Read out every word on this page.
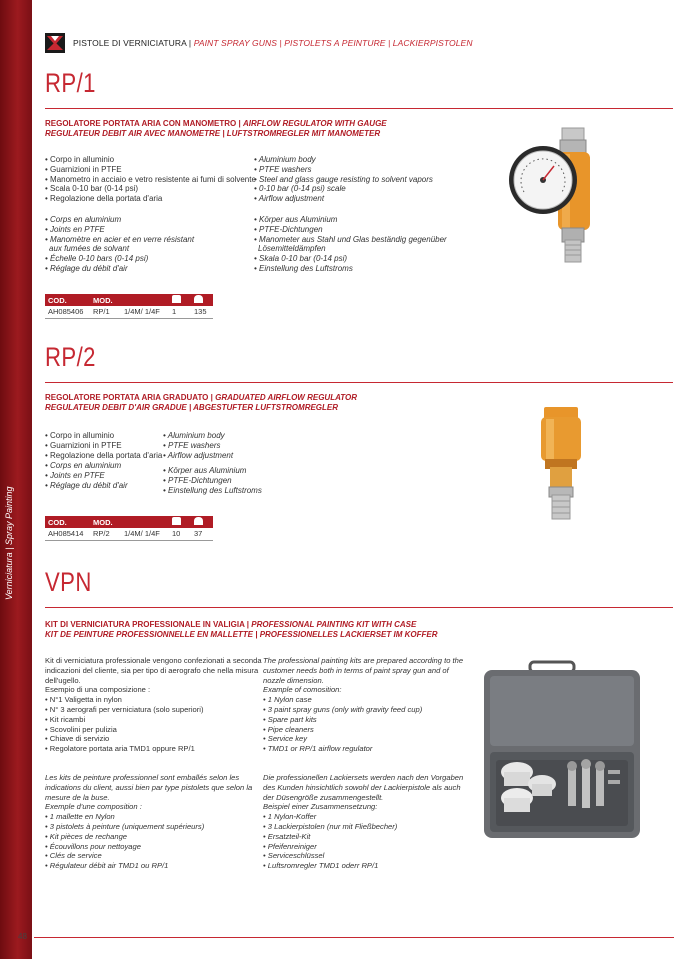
Verniciatura | Spray Painting
PISTOLE DI VERNICIATURA | PAINT SPRAY GUNS | PISTOLETS A PEINTURE | LACKIERPISTOLEN
RP/1
REGOLATORE PORTATA ARIA CON MANOMETRO | AIRFLOW REGULATOR WITH GAUGE
REGULATEUR DEBIT AIR AVEC MANOMETRE | LUFTSTROMREGLER MIT MANOMETER
• Corpo in alluminio
• Guarnizioni in PTFE
• Manometro in acciaio e vetro resistente ai fumi di solvente
• Scala 0-10 bar (0-14 psi)
• Regolazione della portata d'aria
• Aluminium body
• PTFE washers
• Steel and glass gauge resisting to solvent vapors
• 0-10 bar (0-14 psi) scale
• Airflow adjustment
• Corps en aluminium
• Joints en PTFE
• Manomètre en acier et en verre résistant
aux fumées de solvant
• Échelle 0-10 bars (0-14 psi)
• Réglage du débit d'air
• Körper aus Aluminium
• PTFE-Dichtungen
• Manometer aus Stahl und Glas beständig gegenüber
Lösemitteldämpfen
• Skala 0-10 bar (0-14 psi)
• Einstellung des Luftstroms
COD.	MOD.			
AH085406	RP/1	1/4M/ 1/4F	1	135
RP/2
REGOLATORE PORTATA ARIA GRADUATO | GRADUATED AIRFLOW REGULATOR
REGULATEUR DEBIT D'AIR GRADUE | ABGESTUFTER LUFTSTROMREGLER
• Corpo in alluminio
• Guarnizioni in PTFE
• Regolazione della portata d'aria
• Corps en aluminium
• Joints en PTFE
• Réglage du débit d'air
• Aluminium body
• PTFE washers
• Airflow adjustment
• Körper aus Aluminium
• PTFE-Dichtungen
• Einstellung des Luftstroms
COD.	MOD.			
AH085414	RP/2	1/4M/ 1/4F	10	37
VPN
KIT DI VERNICIATURA PROFESSIONALE IN VALIGIA | PROFESSIONAL PAINTING KIT WITH CASE
KIT DE PEINTURE PROFESSIONNELLE EN MALLETTE | PROFESSIONELLES LACKIERSET IM KOFFER
Kit di verniciatura professionale vengono confezionati a seconda
indicazioni del cliente, sia per tipo di aerografo che nella misura
dell'ugello.
Esempio di una composizione :
• N°1 Valigetta in nylon
• N° 3 aerografi per verniciatura (solo superiori)
• Kit ricambi
• Scovolini per pulizia
• Chiave di servizio
• Regolatore portata aria TMD1 oppure RP/1
The professional painting kits are prepared according to the
customer needs both in terms of paint spray gun and of
nozzle dimension.
Example of comosition:
• 1 Nylon case
• 3 paint spray guns (only with gravity feed cup)
• Spare part kits
• Pipe cleaners
• Service key
• TMD1 or RP/1 airflow regulator
Les kits de peinture professionnel sont emballés selon les
indications du client, aussi bien par type pistolets que selon la
mesure de la buse.
Exemple d'une composition :
• 1 mallette en Nylon
• 3 pistolets à peinture (uniquement supérieurs)
• Kit pièces de rechange
• Écouvillons pour nettoyage
• Clés de service
• Régulateur débit air TMD1 ou RP/1
Die professionellen Lackiersets werden nach den Vorgaben
des Kunden hinsichtlich sowohl der Lackierpistole als auch
der Düsengröße zusammengestellt.
Beispiel einer Zusammensetzung:
• 1 Nylon-Koffer
• 3 Lackierpistolen (nur mit Fließbecher)
• Ersatzteil-Kit
• Pfeifenreiniger
• Serviceschlüssel
• Luftsromregler TMD1 oderr RP/1
48
